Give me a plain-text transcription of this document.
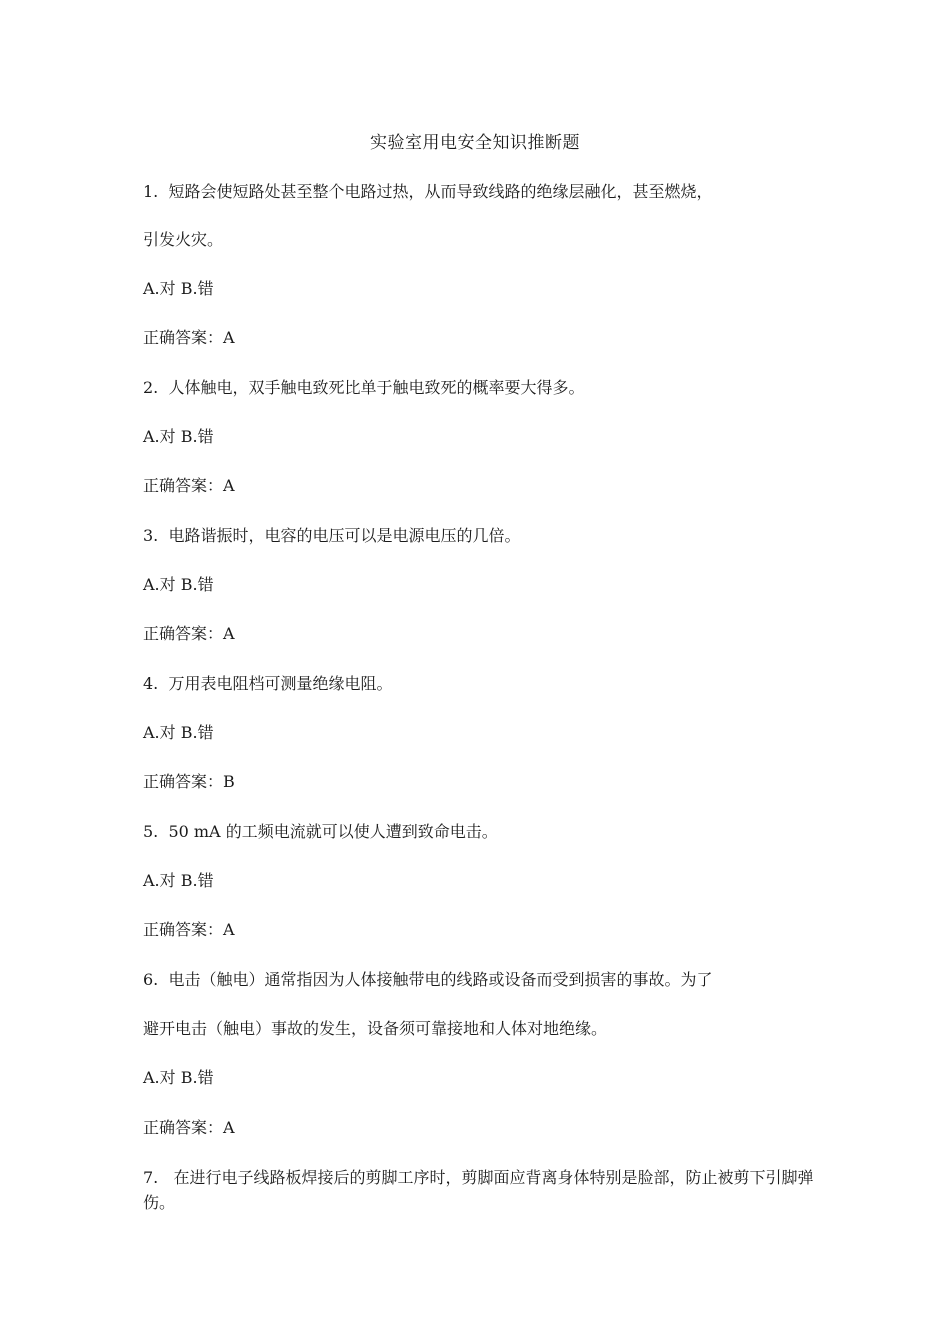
实验室用电安全知识推断题
1. 短路会使短路处甚至整个电路过热，从而导致线路的绝缘层融化，甚至燃烧，
引发火灾。
A.对 B.错
正确答案：A
2. 人体触电，双手触电致死比单于触电致死的概率要大得多。
A.对 B.错
正确答案：A
3. 电路谐振时，电容的电压可以是电源电压的几倍。
A.对 B.错
正确答案：A
4. 万用表电阻档可测量绝缘电阻。
A.对 B.错
正确答案：B
5. 50 mA 的工频电流就可以使人遭到致命电击。
A.对 B.错
正确答案：A
6. 电击（触电）通常指因为人体接触带电的线路或设备而受到损害的事故。为了
避开电击（触电）事故的发生，设备须可靠接地和人体对地绝缘。
A.对 B.错
正确答案：A
7. 在进行电子线路板焊接后的剪脚工序时，剪脚面应背离身体特别是脸部，防止被剪下引脚弹伤。
